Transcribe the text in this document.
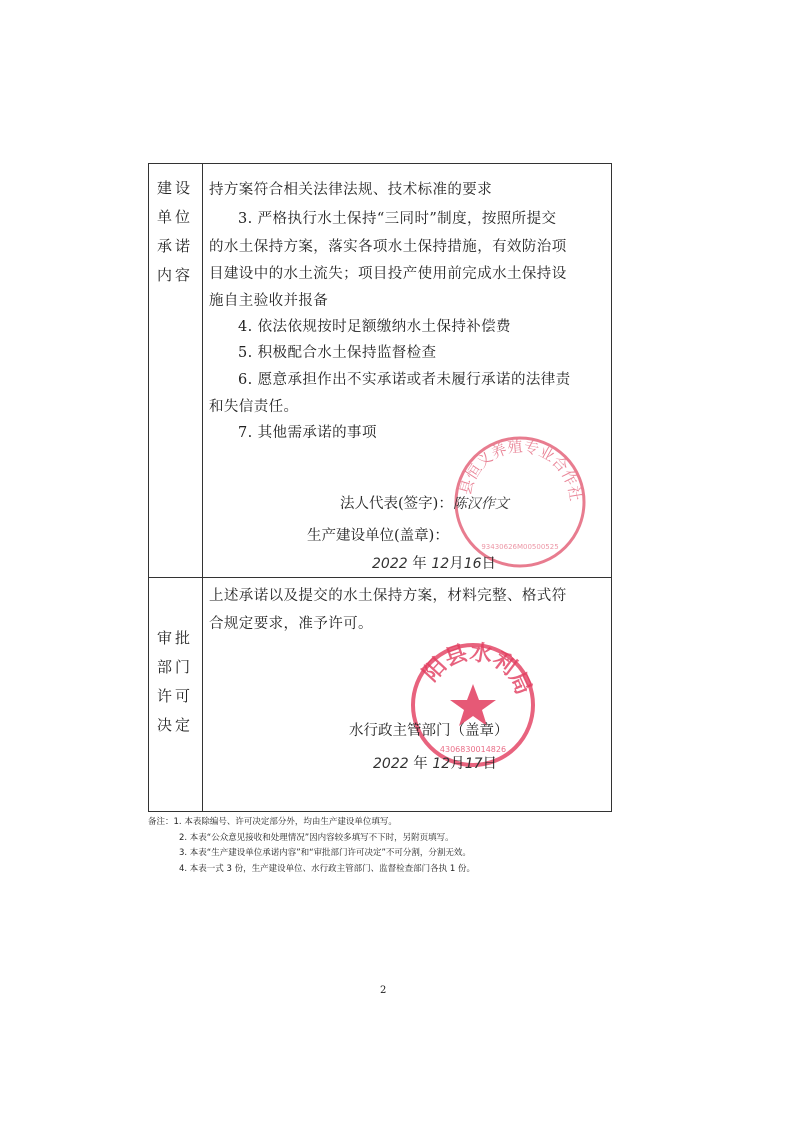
建设
单位
承诺
内容
审批
部门
许可
决定
持方案符合相关法律法规、技术标准的要求
3. 严格执行水土保持“三同时”制度，按照所提交
的水土保持方案，落实各项水土保持措施，有效防治项
目建设中的水土流失；项目投产使用前完成水土保持设
施自主验收并报备
4. 依法依规按时足额缴纳水土保持补偿费
5. 积极配合水土保持监督检查
6. 愿意承担作出不实承诺或者未履行承诺的法律责
和失信责任。
7. 其他需承诺的事项
县恒义养殖专业合作社
93430626M00500525
法人代表(签字)：陈汉作文
生产建设单位(盖章)：
2022 年 12月16日
上述承诺以及提交的水土保持方案，材料完整、格式符
合规定要求，准予许可。
阳县水利局
4306830014826
水行政主管部门（盖章）
2022 年 12月17日
备注：1. 本表除编号、许可决定部分外，均由生产建设单位填写。
2. 本表“公众意见接收和处理情况”因内容较多填写不下时，另附页填写。
3. 本表“生产建设单位承诺内容”和“审批部门许可决定”不可分割，分割无效。
4. 本表一式 3 份，生产建设单位、水行政主管部门、监督检查部门各执 1 份。
2
